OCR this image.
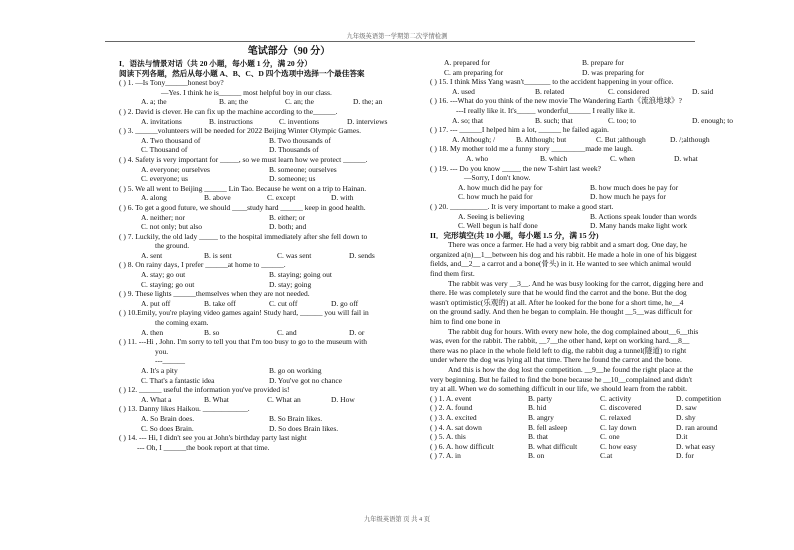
九年级英语第一学期第二次学情检测
笔试部分（90 分）
I．语法与情景对话（共 20 小题，每小题 1 分，满 20 分）
阅读下列各题，然后从每小题 A、B、C、D 四个选项中选择一个最佳答案
( ) 1. —Is Tony______honest boy?
—Yes. I think he is______ most helpful boy in our class.
A. a; the	B. an; the	C. an; the	D. the; an
( ) 2. David is clever. He can fix up the machine according to the______.
A. invitations	B. instructions	C. inventions	D. interviews
( ) 3. ______volunteers will be needed for 2022 Beijing Winter Olympic Games.
A. Two thousand of	B. Two thousands of
C. Thousand of	D. Thousands of
( ) 4. Safety is very important for _____, so we must learn how we protect ______.
A. everyone; ourselves	B. someone; ourselves
C. everyone; us	D. someone; us
( ) 5. We all went to Beijing ______ Lin Tao. Because he went on a trip to Hainan.
A. along	B. above	C. except	D. with
( ) 6. To get a good future, we should ____study hard ______ keep in good health.
A. neither; nor	B. either; or
C. not only; but also	D. both; and
( ) 7. Luckily, the old lady _____ to the hospital immediately after she fell down to
the ground.
A. sent	B. is sent	C. was sent	D. sends
( ) 8. On rainy days, I prefer ______at home to ______.
A. stay; go out	B. staying; going out
C. staying; go out	D. stay; going
( ) 9. These lights ______themselves when they are not needed.
A. put off	B. take off	C. cut off	D. go off
( ) 10.Emily, you're playing video games again! Study hard, ______ you will fail in
the coming exam.
A. then	B. so	C. and	D. or
( ) 11. ---Hi , John. I'm sorry to tell you that I'm too busy to go to the museum with
you.
---______
A. It's a pity	B. go on working
C. That's a fantastic idea	D. You've got no chance
( ) 12. ______ useful the information you've provided is!
A. What a	B. What	C. What an	D. How
( ) 13. Danny likes Haikou. ____________.
A. So Brain does.	B. So Brain likes.
C. So does Brain.	D. So does Brain likes.
( ) 14. --- Hi, I didn't see you at John's birthday party last night
--- Oh, I ______the book report at that time.
A. prepared for	B. prepare for
C. am preparing for	D. was preparing for
( ) 15. I think Miss Yang wasn't_______ to the accident happening in your office.
A. used	B. related	C. considered	D. said
( ) 16. ---What do you think of the new movie The Wandering Earth《流浪地球》?
---I really like it. It's_____ wonderful______ I really like it.
A. so; that	B. such; that	C. too; to	D. enough; to
( ) 17. --- ______I helped him a lot, ______ he failed again.
A. Although; /	B. Although; but	C. But ;although	D. /;although
( ) 18. My mother told me a funny story _________made me laugh.
A. who	B. which	C. when	D. what
( ) 19. --- Do you know _____ the new T-shirt last week?
—Sorry, I don't know.
A. how much did he pay for	B. how much does he pay for
C. how much he paid for	D. how much he pays for
( ) 20. __________. It is very important to make a good start.
A. Seeing is believing	B. Actions speak louder than words
C. Well begun is half done	D. Many hands make light work
II．完形填空(共 10 小题，每小题 1.5 分，满 15 分)
There was once a farmer. He had a very big rabbit and a smart dog. One day, he
organized a(n)__1__between his dog and his rabbit. He made a hole in one of his biggest
fields, and__2__ a carrot and a bone(骨头) in it. He wanted to see which animal would
find them first.
The rabbit was very __3__. And he was busy looking for the carrot, digging here and
there. He was completely sure that he would find the carrot and the bone. But the dog
wasn't optimistic(乐观的) at all. After he looked for the bone for a short time, he__4
on the ground sadly. And then he began to complain. He thought __5__was difficult for
him to find one bone in
The rabbit dug for hours. With every new hole, the dog complained about__6__this
was, even for the rabbit. The rabbit, __7__the other hand, kept on working hard.__8__
there was no place in the whole field left to dig, the rabbit dug a tunnel(隧道) to right
under where the dog was lying all that time. There he found the carrot and the bone.
And this is how the dog lost the competition. __9__he found the right place at the
very beginning. But he failed to find the bone because he __10__complained and didn't
try at all. When we do something difficult in our life, we should learn from the rabbit.
( ) 1. A. event	B. party	C. activity	D. competition
( ) 2. A. found	B. hid	C. discovered	D. saw
( ) 3. A. excited	B. angry	C. relaxed	D. shy
( ) 4. A. sat down	B. fell asleep	C. lay down	D. ran around
( ) 5. A. this	B. that	C. one	D.it
( ) 6. A. how difficult	B. what difficult	C. how easy	D. what easy
( ) 7. A. in	B. on	C.at	D. for
九年级英语第 页 共 4 页
